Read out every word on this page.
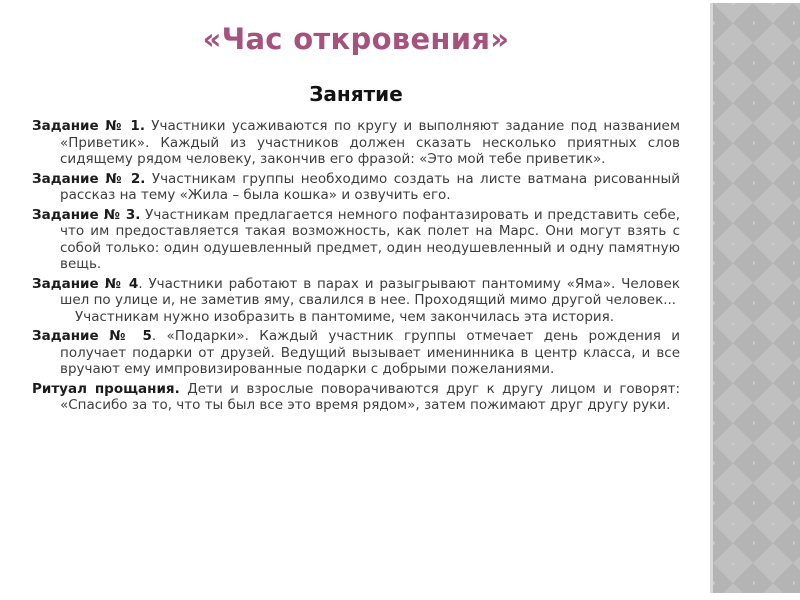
«Час откровения»
Занятие

Задание № 1. Участники усаживаются по кругу и выполняют задание под названием «Приветик». Каждый из участников должен сказать несколько приятных слов сидящему рядом человеку, закончив его фразой: «Это мой тебе приветик».

Задание № 2. Участникам группы необходимо создать на листе ватмана рисованный рассказ на тему «Жила – была кошка» и озвучить его.

Задание № 3. Участникам предлагается немного пофантазировать и представить себе, что им предоставляется такая возможность, как полет на Марс. Они могут взять с собой только: один одушевленный предмет, один неодушевленный и одну памятную вещь.

Задание № 4. Участники работают в парах и разыгрывают пантомиму «Яма». Человек шел по улице и, не заметив яму, свалился в нее. Проходящий мимо другой человек...

Участникам нужно изобразить в пантомиме, чем закончилась эта история.

Задание № 5. «Подарки». Каждый участник группы отмечает день рождения и получает подарки от друзей. Ведущий вызывает именинника в центр класса, и все вручают ему импровизированные подарки с добрыми пожеланиями.

Ритуал прощания. Дети и взрослые поворачиваются друг к другу лицом и говорят: «Спасибо за то, что ты был все это время рядом», затем пожимают друг другу руки.
